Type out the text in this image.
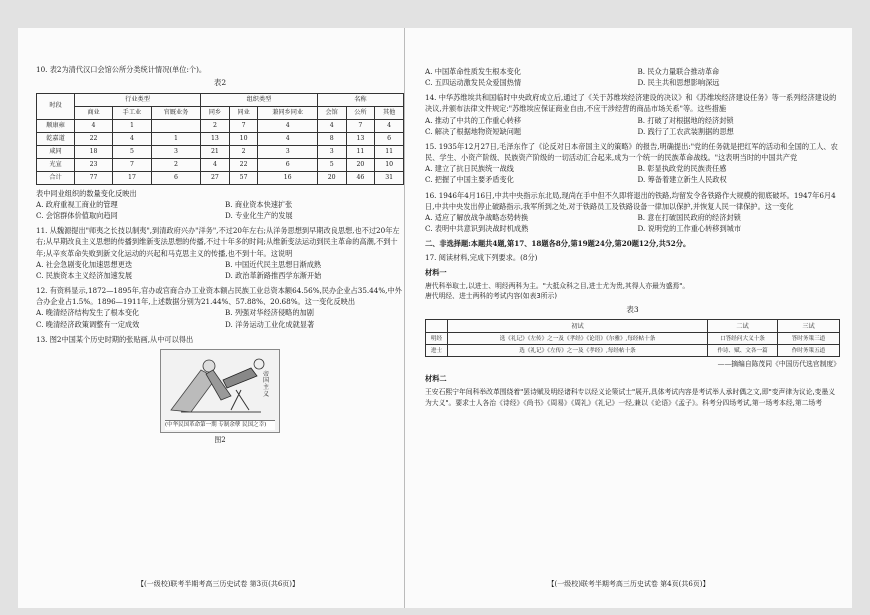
10. 表2为清代汉口会馆公所分类统计情况(单位:个)。

表2
时段	行业类型			组织类型			名称		
	商业	手工业	官厩业务	同乡	同业	兼同乡同业	会馆	公所	其他
顺康雍	4	1		2	7	4	4	7	4
乾嘉道	22	4	1	13	10	4	8	13	6
咸同	18	5	3	21	2	3	3	11	11
光宣	23	7	2	4	22	6	5	20	10
合计	77	17	6	27	57	16	20	46	31

表中同业组织的数量变化反映出

A. 政府重视工商业的管理	B. 商业资本快速扩张
C. 会馆群体价值取向趋同	D. 专业化生产的发展

11. 从魏源提出"师夷之长技以制夷",到清政府兴办"洋务",不过20年左右;从洋务思想到早期改良思想,也不过20年左右;从早期改良主义思想的传播到维新变法思想的传播,不过十年多的时间;从维新变法运动到民主革命的高潮,不到十年;从辛亥革命失败到新文化运动的兴起和马克思主义的传播,也不到十年。这说明

A. 社会急剧变化加速思想更迭	B. 中国近代民主思想日渐成熟
C. 民族资本主义经济加速发展	D. 政治革新路推西学东渐开始

12. 有资料显示,1872—1895年,官办或官商合办工业资本额占民族工业总资本额64.56%,民办企业占35.44%,中外合办企业占1.5%。1896—1911年,上述数据分别为21.44%、57.88%、20.68%。这一变化反映出

A. 晚清经济结构发生了根本变化	B. 列强对华经济侵略的加剧
C. 晚清经济政策调整有一定成效	D. 洋务运动工业化成就显著

13. 图2中国某个历史时期的张贴画,从中可以得出

帝国主义
(中华民国革命第一期 专制余孽 民国之幸)
图2
【(一级校)联考半期考高三历史试卷 第3页(共6页)】
A. 中国革命性质发生根本变化	B. 民众力量联合推动革命
C. 五四运动激发民众爱国热情	D. 民主共和思想影响深远

14. 中华苏维埃共和国临时中央政府成立后,通过了《关于苏维埃经济建设的决议》和《苏维埃经济建设任务》等一系列经济建设的决议,并颁布法律文件规定:"苏维埃应保证商业自由,不应干涉经营的商品市场关系"等。这些措施

A. 推动了中共的工作重心转移	B. 打破了对根据地的经济封锁
C. 解决了根据地物资短缺问题	D. 践行了工农武装割据的思想

15. 1935年12月27日,毛泽东作了《论反对日本帝国主义的策略》的报告,明确提出:"党的任务就是把红军的活动和全国的工人、农民、学生、小资产阶级、民族资产阶级的一切活动汇合起来,成为一个统一的民族革命战线。"这表明当时的中国共产党

A. 建立了抗日民族统一战线	B. 彰显执政党的民族责任感
C. 把握了中国主要矛盾变化	D. 筹备着建立新生人民政权

16. 1946年4月16日,中共中央指示东北局,现尚在手中但不久即将退出的铁路,均留发令各铁路作大规模的彻底破坏。1947年6月4日,中共中央发出停止破路指示,我军所到之处,对于铁路员工及铁路设备一律加以保护,并恢复人民一律保护。这一变化

A. 适应了解放战争战略态势转换	B. 意在打破国民政府的经济封锁
C. 表明中共意识到决战时机成熟	D. 说明党的工作重心转移到城市

二、非选择题:本题共4题,第17、18题各8分,第19题24分,第20题12分,共52分。

17. 阅读材料,完成下列要求。(8分)

材料一

唐代科举取士,以进士、明经两科为主。"大抵众科之目,进士尤为贵,其得人亦最为盛焉"。

唐代明经、进士两科的考试内容(如表3所示)

表3
	初试	二试	三试
明经	选《礼记》《左传》之一及《孝经》《论语》《尔雅》,每经帖十条	口答经问大义十条	答时务策三道
进士	选《礼记》《左传》之一及《孝经》,每经帖十条	作诗、赋、文各一篇	作时务策五道

——摘编自陈茂同《中国历代选官制度》

材料二

王安石熙宁年间科举改革围绕着"罢诗赋及明经诸科专以经义论策试士"展开,具体考试内容是考试举人承时偶之文,即"变声律为议论,变墨义为大义"。要求士人各治《诗经》《尚书》《周易》《周礼》《礼记》一经,兼以《论语》《孟子》。科考分四场考试,第一场考本经,第二场考

【(一级校)联考半期考高三历史试卷 第4页(共6页)】
